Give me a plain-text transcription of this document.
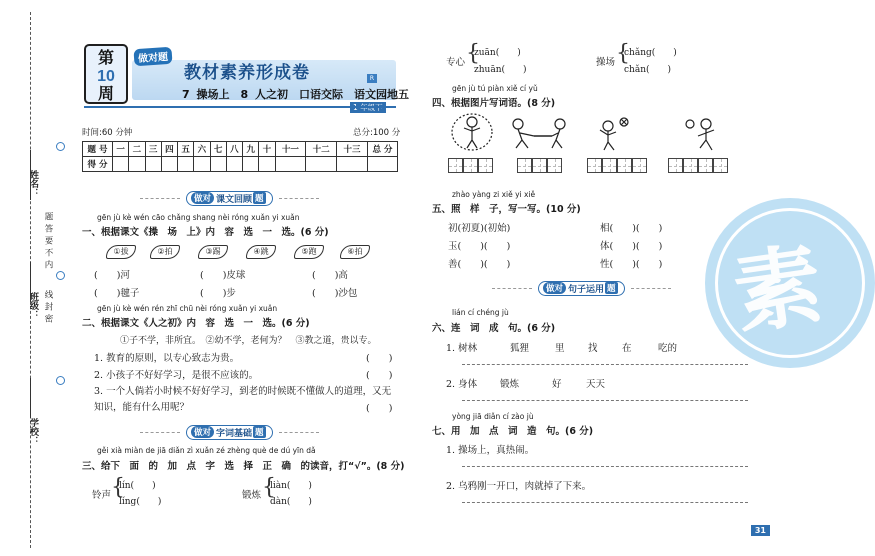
姓名：
班级：
学校：
题
答
要
不
内
线
封
密
第
10
周
做对题
教材素养形成卷	R
7 操场上　8 人之初　口语交际　语文园地五
时间:60 分钟	总分:100 分
题 号	一	二	三	四	五	六	七	八	九	十	十一	十二	十三	总 分
得 分														
做对 课文回顾 题
gēn jù kè wén cāo chǎng shang nèi róng xuǎn yi xuǎn
一、根据课文《操　场　上》内　容　选　一　选。(6 分)
①拔	②拍	③踢	④跳	⑤跑	⑥拍
(　　)河	(　　)皮球	(　　)高
(　　)毽子	(　　)步	(　　)沙包
gēn jù kè wén rén zhī chū nèi róng xuǎn yi xuǎn
二、根据课文《人之初》内　容　选　一　选。(6 分)
①子不学，非所宜。　②幼不学，老何为？　③教之道，贵以专。
1. 教育的原则，以专心致志为贵。	(　　)
2. 小孩子不好好学习，是很不应该的。	(　　)
3. 一个人倘若小时候不好好学习，到老的时候既不懂做人的道理，又无知识，能有什么用呢？	(　　)
做对 字词基础 题
gěi xià miàn de jiā diǎn zì xuǎn zé zhèng què de dú yīn dǎ
三、给下　面　的　加　点　字　选　择　正　确　的读音，打“√”。(8 分)
铃声 {
lín(　　)
líng(　　)
锻炼 {
liàn(　　)
dàn(　　)
专心 {
zuān(　　)
zhuān(　　)
操场 {
chǎng(　　)
chǎn(　　)
gēn jù tú piàn xiě cí yǔ
四、根据图片写词语。(8 分)
zhào yàng zi xiě yi xiě
五、照　样　子，写一写。(10 分)
初(初夏)(初始)	相(　　)(　　)
玉(　　)(　　)	体(　　)(　　)
善(　　)(　　)	性(　　)(　　)
做对 句子运用 题
lián cí chéng jù
六、连　词　成　句。(6 分)
1. 树林	狐狸	里 找	在	吃的
2. 身体 锻炼	好	天天
yòng jiā diǎn cí zào jù
七、用　加　点　词　造　句。(6 分)
1. 操场上，真热闹。
2. 乌鸦刚一开口，肉就掉了下来。
素
31
